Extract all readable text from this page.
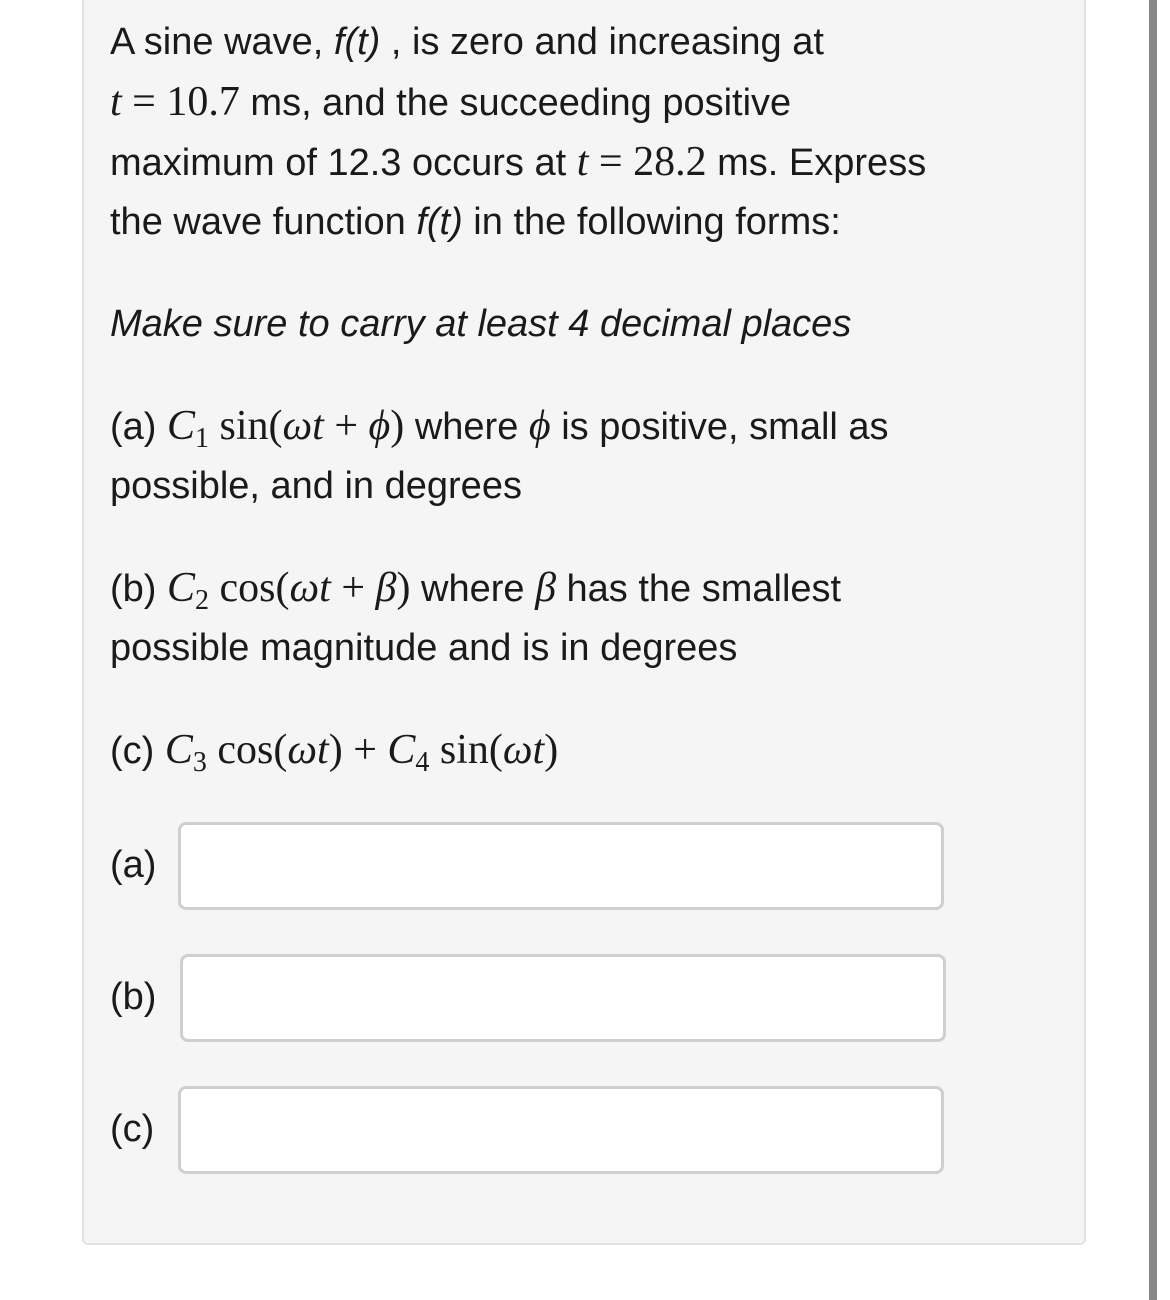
A sine wave, f(t) , is zero and increasing at
t = 10.7 ms, and the succeeding positive
maximum of 12.3 occurs at t = 28.2 ms. Express
the wave function f(t) in the following forms:
Make sure to carry at least 4 decimal places
(a) $C_1$ sin(ωt + ϕ) where ϕ is positive, small as
possible, and in degrees
(b) $C_2$ cos(ωt + β) where β has the smallest
possible magnitude and is in degrees
(c) $C_3$ $\cos(\omega t) + C_4$ sin(ωt)
(a)
(b)
(c)
